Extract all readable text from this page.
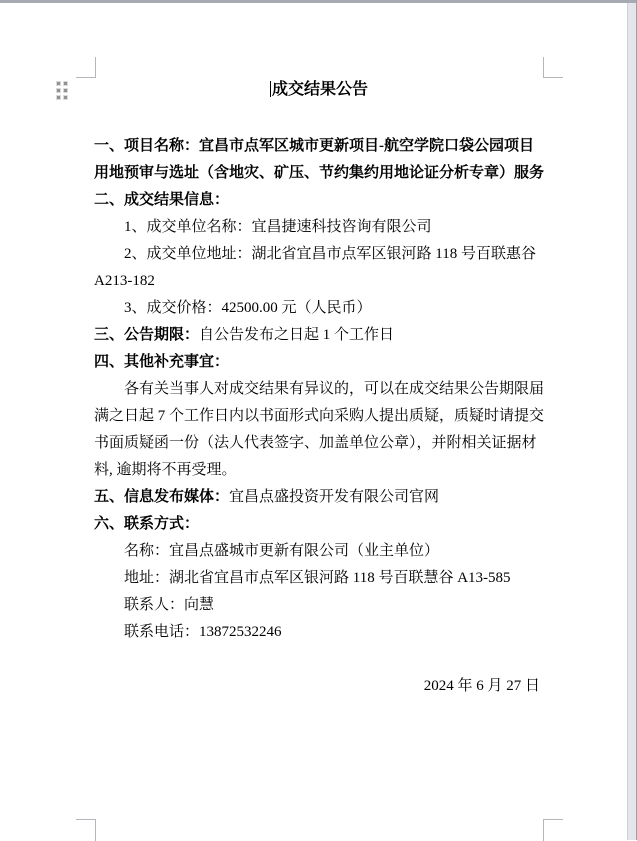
成交结果公告
一、项目名称：宜昌市点军区城市更新项目-航空学院口袋公园项目
用地预审与选址（含地灾、矿压、节约集约用地论证分析专章）服务
二、成交结果信息：
1、成交单位名称：宜昌捷速科技咨询有限公司
2、成交单位地址：湖北省宜昌市点军区银河路 118 号百联惠谷
A213-182
3、成交价格：42500.00 元（人民币）
三、公告期限：自公告发布之日起 1 个工作日
四、其他补充事宜：
各有关当事人对成交结果有异议的，可以在成交结果公告期限届
满之日起 7 个工作日内以书面形式向采购人提出质疑，质疑时请提交
书面质疑函一份（法人代表签字、加盖单位公章），并附相关证据材
料, 逾期将不再受理。
五、信息发布媒体：宜昌点盛投资开发有限公司官网
六、联系方式：
名称：宜昌点盛城市更新有限公司（业主单位）
地址：湖北省宜昌市点军区银河路 118 号百联慧谷 A13-585
联系人：向慧
联系电话：13872532246
2024 年 6 月 27 日
